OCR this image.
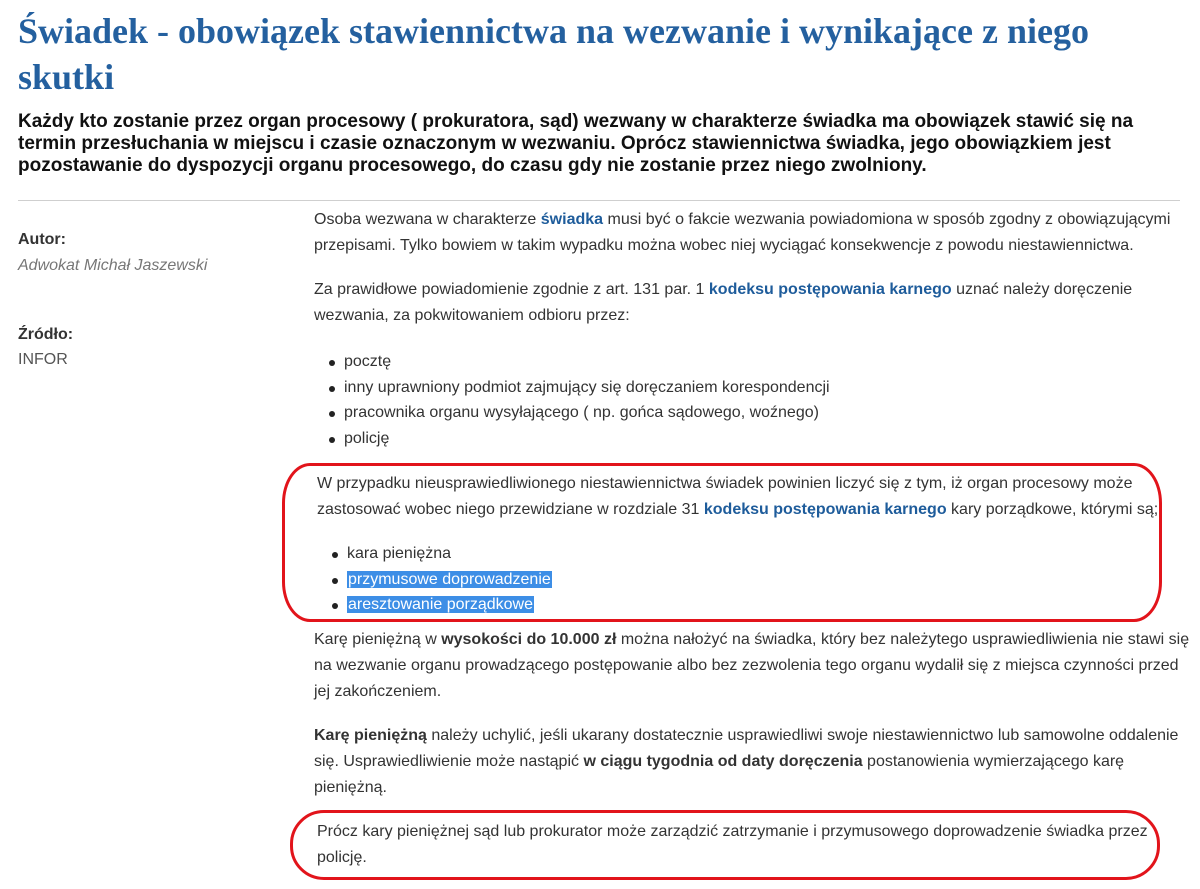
Świadek - obowiązek stawiennictwa na wezwanie i wynikające z niego skutki

Każdy kto zostanie przez organ procesowy ( prokuratora, sąd) wezwany w charakterze świadka ma obowiązek stawić się na termin przesłuchania w miejscu i czasie oznaczonym w wezwaniu. Oprócz stawiennictwa świadka, jego obowiązkiem jest pozostawanie do dyspozycji organu procesowego, do czasu gdy nie zostanie przez niego zwolniony.

Autor:
Adwokat Michał Jaszewski
Źródło:
INFOR

Osoba wezwana w charakterze świadka musi być o fakcie wezwania powiadomiona w sposób zgodny z obowiązującymi przepisami. Tylko bowiem w takim wypadku można wobec niej wyciągać konsekwencje z powodu niestawiennictwa.

Za prawidłowe powiadomienie zgodnie z art. 131 par. 1 kodeksu postępowania karnego uznać należy doręczenie wezwania, za pokwitowaniem odbioru przez:

pocztę
inny uprawniony podmiot zajmujący się doręczaniem korespondencji
pracownika organu wysyłającego ( np. gońca sądowego, woźnego)
policję

W przypadku nieusprawiedliwionego niestawiennictwa świadek powinien liczyć się z tym, iż organ procesowy może zastosować wobec niego przewidziane w rozdziale 31 kodeksu postępowania karnego kary porządkowe, którymi są;

kara pieniężna
przymusowe doprowadzenie
aresztowanie porządkowe

Karę pieniężną w wysokości do 10.000 zł można nałożyć na świadka, który bez należytego usprawiedliwienia nie stawi się na wezwanie organu prowadzącego postępowanie albo bez zezwolenia tego organu wydalił się z miejsca czynności przed jej zakończeniem.

Karę pieniężną należy uchylić, jeśli ukarany dostatecznie usprawiedliwi swoje niestawiennictwo lub samowolne oddalenie się. Usprawiedliwienie może nastąpić w ciągu tygodnia od daty doręczenia postanowienia wymierzającego karę pieniężną.

Prócz kary pieniężnej sąd lub prokurator może zarządzić zatrzymanie i przymusowego doprowadzenie świadka przez policję.
